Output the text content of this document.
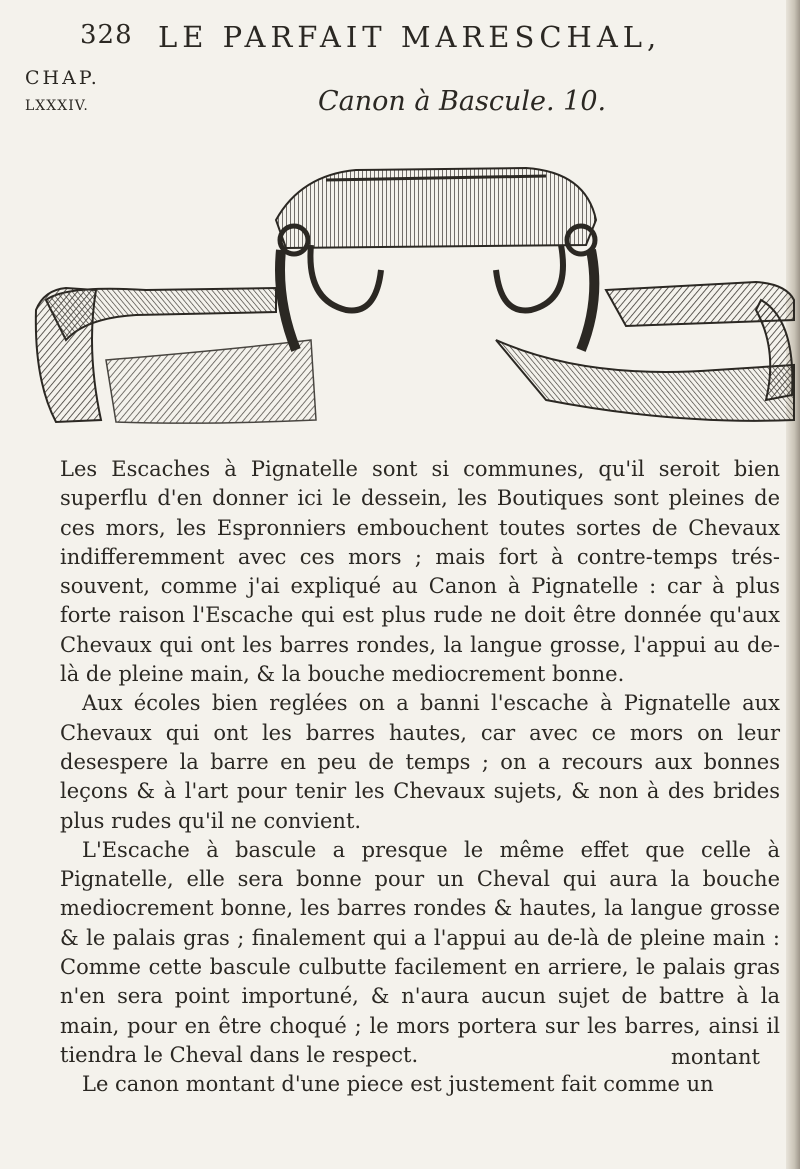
328 LE PARFAIT MARESCHAL,
CHAP.
LXXXIV.	Canon à Bascule. 10.

Les Escaches à Pignatelle sont si communes, qu'il seroit bien superflu d'en donner ici le dessein, les Boutiques sont pleines de ces mors, les Espronniers embouchent toutes sortes de Chevaux indifferemment avec ces mors ; mais fort à contre-temps trés-souvent, comme j'ai expliqué au Canon à Pignatelle : car à plus forte raison l'Escache qui est plus rude ne doit être donnée qu'aux Chevaux qui ont les barres rondes, la langue grosse, l'appui au de-là de pleine main, & la bouche mediocrement bonne.

Aux écoles bien reglées on a banni l'escache à Pignatelle aux Chevaux qui ont les barres hautes, car avec ce mors on leur desespere la barre en peu de temps ; on a recours aux bonnes leçons & à l'art pour tenir les Chevaux sujets, & non à des brides plus rudes qu'il ne convient.

L'Escache à bascule a presque le même effet que celle à Pignatelle, elle sera bonne pour un Cheval qui aura la bouche mediocrement bonne, les barres rondes & hautes, la langue grosse & le palais gras ; finalement qui a l'appui au de-là de pleine main : Comme cette bascule culbutte facilement en arriere, le palais gras n'en sera point importuné, & n'aura aucun sujet de battre à la main, pour en être choqué ; le mors portera sur les barres, ainsi il tiendra le Cheval dans le respect.

Le canon montant d'une piece est justement fait comme un

montant
